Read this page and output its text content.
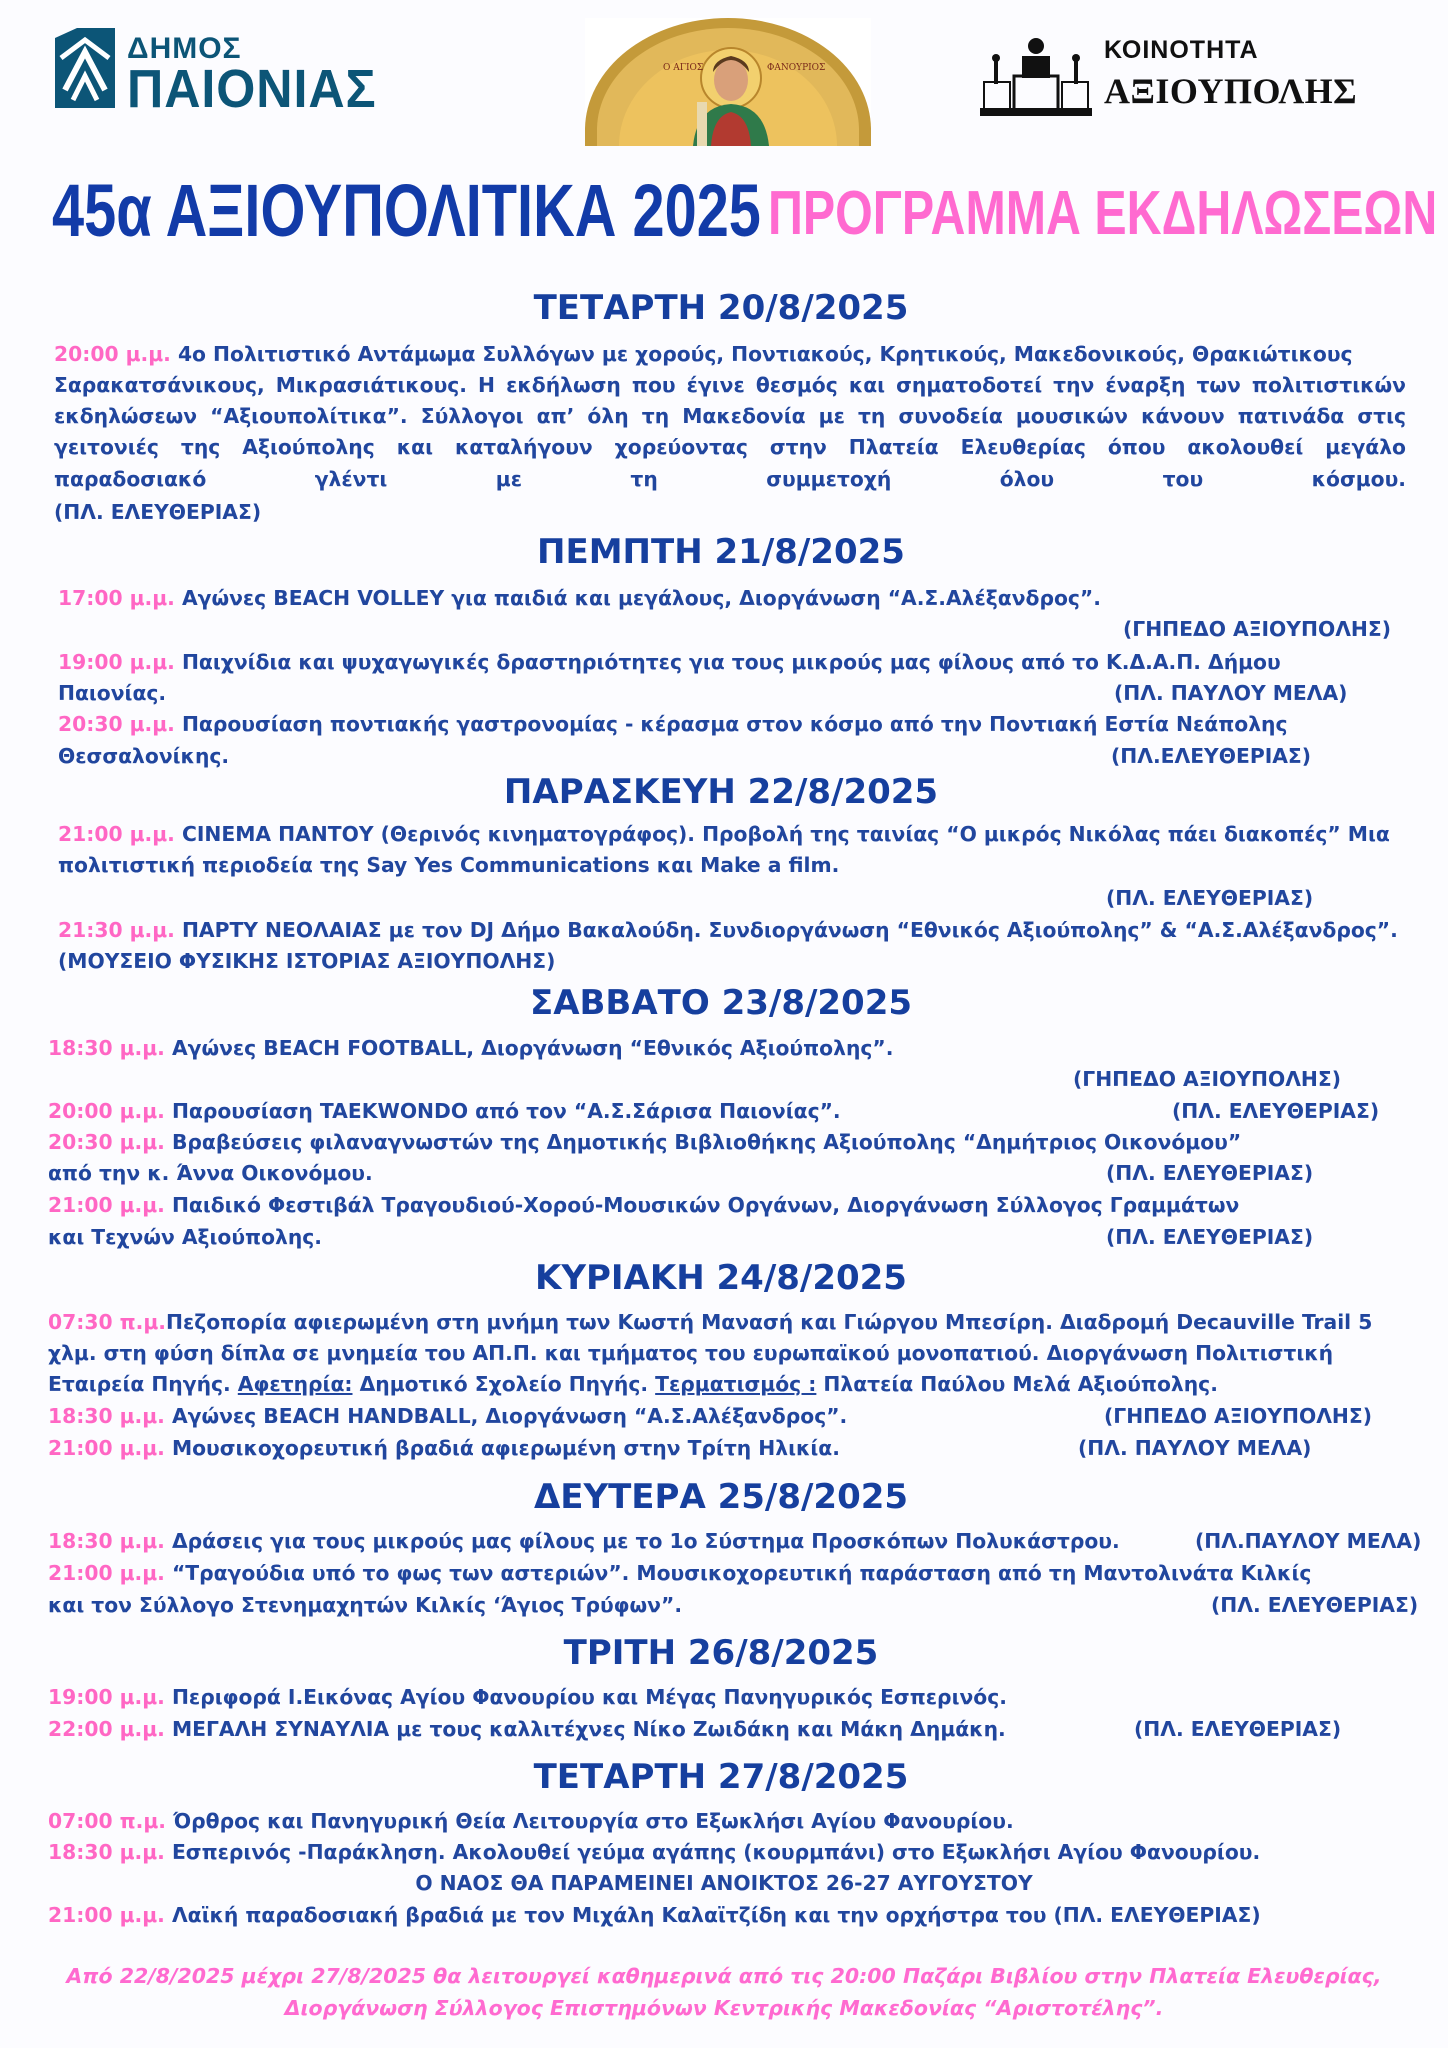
ΔΗΜΟΣ
ΠΑΙΟΝΙΑΣ	Ο ΑΓΙΟΣ	ΦΑΝΟΥΡΙΟΣ
ΚΟΙΝΟΤΗΤΑ
ΑΞΙΟΥΠΟΛΗΣ
45α ΑΞΙΟΥΠΟΛΙΤΙΚΑ 2025 ΠΡΟΓΡΑΜΜΑ ΕΚΔΗΛΩΣΕΩΝ
ΤΕΤΑΡΤΗ 20/8/2025
20:00 μ.μ. 4ο Πολιτιστικό Αντάμωμα Συλλόγων με χορούς, Ποντιακούς, Κρητικούς, Μακεδονικούς, Θρακιώτικους
Σαρακατσάνικους, Μικρασιάτικους. Η εκδήλωση που έγινε θεσμός και σηματοδοτεί την έναρξη των πολιτιστικών
εκδηλώσεων “Αξιουπολίτικα”. Σύλλογοι απ’ όλη τη Μακεδονία με τη συνοδεία μουσικών κάνουν πατινάδα στις
γειτονιές της Αξιούπολης και καταλήγουν χορεύοντας στην Πλατεία Ελευθερίας όπου ακολουθεί μεγάλο
παραδοσιακό γλέντι με τη συμμετοχή όλου του κόσμου.
(ΠΛ. ΕΛΕΥΘΕΡΙΑΣ)
ΠΕΜΠΤΗ 21/8/2025
17:00 μ.μ. Αγώνες BEACH VOLLEY για παιδιά και μεγάλους, Διοργάνωση “Α.Σ.Αλέξανδρος”.
(ΓΗΠΕΔΟ ΑΞΙΟΥΠΟΛΗΣ)
19:00 μ.μ. Παιχνίδια και ψυχαγωγικές δραστηριότητες για τους μικρούς μας φίλους από το Κ.Δ.Α.Π. Δήμου
Παιονίας.	(ΠΛ. ΠΑΥΛΟΥ ΜΕΛΑ)
20:30 μ.μ. Παρουσίαση ποντιακής γαστρονομίας - κέρασμα στον κόσμο από την Ποντιακή Εστία Νεάπολης
Θεσσαλονίκης.	(ΠΛ.ΕΛΕΥΘΕΡΙΑΣ)
ΠΑΡΑΣΚΕΥΗ 22/8/2025
21:00 μ.μ. CINEMA ΠΑΝΤΟΥ (Θερινός κινηματογράφος). Προβολή της ταινίας “Ο μικρός Νικόλας πάει διακοπές” Μια
πολιτιστική περιοδεία της Say Yes Communications και Make a film.
(ΠΛ. ΕΛΕΥΘΕΡΙΑΣ)
21:30 μ.μ. ΠΑΡΤΥ ΝΕΟΛΑΙΑΣ με τον DJ Δήμο Βακαλούδη. Συνδιοργάνωση “Εθνικός Αξιούπολης” & “Α.Σ.Αλέξανδρος”.
(ΜΟΥΣΕΙΟ ΦΥΣΙΚΗΣ ΙΣΤΟΡΙΑΣ ΑΞΙΟΥΠΟΛΗΣ)
ΣΑΒΒΑΤΟ 23/8/2025
18:30 μ.μ. Αγώνες BEACH FOOTBALL, Διοργάνωση “Εθνικός Αξιούπολης”.
(ΓΗΠΕΔΟ ΑΞΙΟΥΠΟΛΗΣ)
20:00 μ.μ. Παρουσίαση TAEKWONDO από τον “Α.Σ.Σάρισα Παιονίας”.	(ΠΛ. ΕΛΕΥΘΕΡΙΑΣ)
20:30 μ.μ. Βραβεύσεις φιλαναγνωστών της Δημοτικής Βιβλιοθήκης Αξιούπολης “Δημήτριος Οικονόμου”
από την κ. Άννα Οικονόμου.	(ΠΛ. ΕΛΕΥΘΕΡΙΑΣ)
21:00 μ.μ. Παιδικό Φεστιβάλ Τραγουδιού-Χορού-Μουσικών Οργάνων, Διοργάνωση Σύλλογος Γραμμάτων
και Τεχνών Αξιούπολης.	(ΠΛ. ΕΛΕΥΘΕΡΙΑΣ)
ΚΥΡΙΑΚΗ 24/8/2025
07:30 π.μ.Πεζοπορία αφιερωμένη στη μνήμη των Κωστή Μανασή και Γιώργου Μπεσίρη. Διαδρομή Decauville Trail 5
χλμ. στη φύση δίπλα σε μνημεία του ΑΠ.Π. και τμήματος του ευρωπαϊκού μονοπατιού. Διοργάνωση Πολιτιστική
Εταιρεία Πηγής. Αφετηρία: Δημοτικό Σχολείο Πηγής. Τερματισμός : Πλατεία Παύλου Μελά Αξιούπολης.
18:30 μ.μ. Αγώνες BEACH HANDBALL, Διοργάνωση “Α.Σ.Αλέξανδρος”.	(ΓΗΠΕΔΟ ΑΞΙΟΥΠΟΛΗΣ)
21:00 μ.μ. Μουσικοχορευτική βραδιά αφιερωμένη στην Τρίτη Ηλικία.	(ΠΛ. ΠΑΥΛΟΥ ΜΕΛΑ)
ΔΕΥΤΕΡΑ 25/8/2025
18:30 μ.μ. Δράσεις για τους μικρούς μας φίλους με το 1ο Σύστημα Προσκόπων Πολυκάστρου.	(ΠΛ.ΠΑΥΛΟΥ ΜΕΛΑ)
21:00 μ.μ. “Τραγούδια υπό το φως των αστεριών”. Μουσικοχορευτική παράσταση από τη Μαντολινάτα Κιλκίς
και τον Σύλλογο Στενημαχητών Κιλκίς ‘Άγιος Τρύφων”.	(ΠΛ. ΕΛΕΥΘΕΡΙΑΣ)
ΤΡΙΤΗ 26/8/2025
19:00 μ.μ. Περιφορά Ι.Εικόνας Αγίου Φανουρίου και Μέγας Πανηγυρικός Εσπερινός.
22:00 μ.μ. ΜΕΓΑΛΗ ΣΥΝΑΥΛΙΑ με τους καλλιτέχνες Νίκο Ζωιδάκη και Μάκη Δημάκη.	(ΠΛ. ΕΛΕΥΘΕΡΙΑΣ)
ΤΕΤΑΡΤΗ 27/8/2025
07:00 π.μ. Όρθρος και Πανηγυρική Θεία Λειτουργία στο Εξωκλήσι Αγίου Φανουρίου.
18:30 μ.μ. Εσπερινός -Παράκληση. Ακολουθεί γεύμα αγάπης (κουρμπάνι) στο Εξωκλήσι Αγίου Φανουρίου.
Ο ΝΑΟΣ ΘΑ ΠΑΡΑΜΕΙΝΕΙ ΑΝΟΙΚΤΟΣ 26-27 ΑΥΓΟΥΣΤΟΥ
21:00 μ.μ. Λαϊκή παραδοσιακή βραδιά με τον Μιχάλη Καλαϊτζίδη και την ορχήστρα του (ΠΛ. ΕΛΕΥΘΕΡΙΑΣ)
Από 22/8/2025 μέχρι 27/8/2025 θα λειτουργεί καθημερινά από τις 20:00 Παζάρι Βιβλίου στην Πλατεία Ελευθερίας,
Διοργάνωση Σύλλογος Επιστημόνων Κεντρικής Μακεδονίας “Αριστοτέλης”.
